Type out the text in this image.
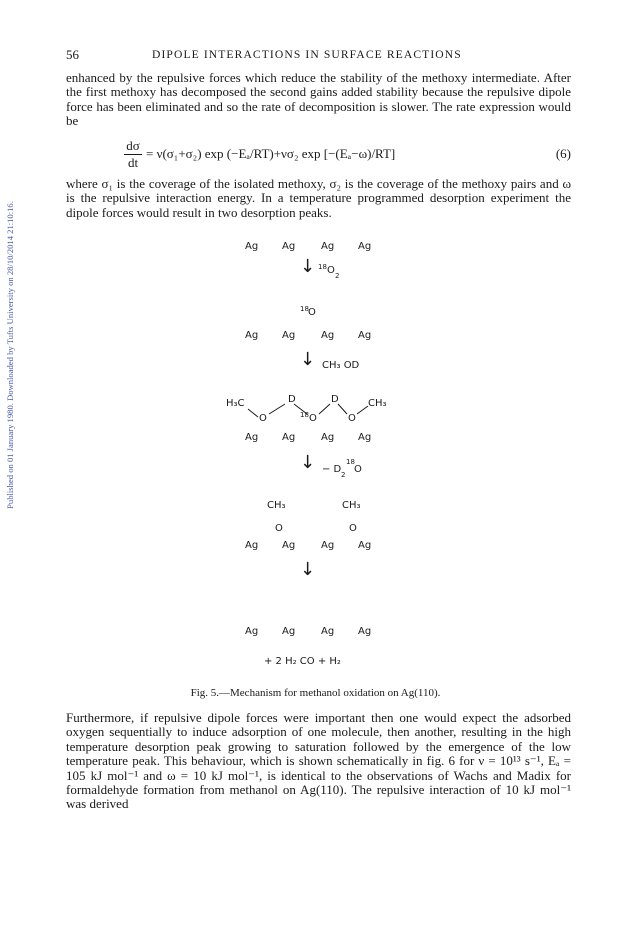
Published on 01 January 1980. Downloaded by Tufts University on 28/10/2014 21:10:16.
56	DIPOLE INTERACTIONS IN SURFACE REACTIONS

enhanced by the repulsive forces which reduce the stability of the methoxy intermediate. After the first methoxy has decomposed the second gains added stability because the repulsive dipole force has been eliminated and so the rate of decomposition is slower. The rate expression would be

dσ
dt
= ν(σ₁+σ₂) exp (−Eₐ/RT)+νσ₂ exp [−(Eₐ−ω)/RT]	(6)

where σ₁ is the coverage of the isolated methoxy, σ₂ is the coverage of the methoxy pairs and ω is the repulsive interaction energy. In a temperature programmed desorption experiment the dipole forces would result in two desorption peaks.

Ag Ag	Ag Ag
↓ 18 O 2
18 O
Ag Ag	Ag Ag
↓ CH₃ OD
H₃C	D	D	CH₃
O	18 O	O
Ag Ag	Ag Ag
↓ − D 2
18
O
CH₃	CH₃
O	O
Ag Ag	Ag Ag
↓
Ag Ag	Ag Ag
+ 2 H₂ CO + H₂
Fig. 5.—Mechanism for methanol oxidation on Ag(110).

Furthermore, if repulsive dipole forces were important then one would expect the adsorbed oxygen sequentially to induce adsorption of one molecule, then another, resulting in the high temperature desorption peak growing to saturation followed by the emergence of the low temperature peak. This behaviour, which is shown schematically in fig. 6 for ν = 10¹³ s⁻¹, Eₐ = 105 kJ mol⁻¹ and ω = 10 kJ mol⁻¹, is identical to the observations of Wachs and Madix for formaldehyde formation from methanol on Ag(110). The repulsive interaction of 10 kJ mol⁻¹ was derived
